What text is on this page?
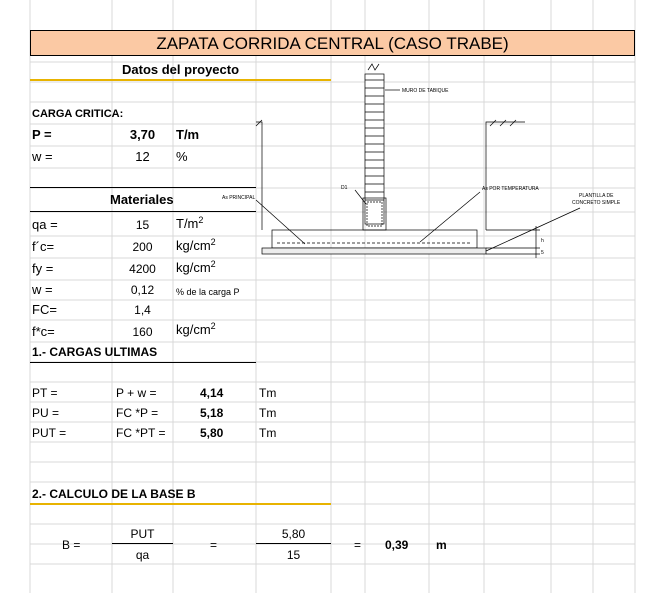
ZAPATA CORRIDA CENTRAL (CASO TRABE)
Datos del proyecto
CARGA CRITICA:
P =	3,70	T/m
w =	12	%
Materiales
qa =	15	$T/m^2$
f´c=	200	$kg/cm^2$
fy =	4200	$kg/cm^2$
w =	0,12	% de la carga P
FC=	1,4
f*c=	160	$kg/cm^2$
1.- CARGAS ULTIMAS
PT =	P + w =	4,14	Tm
PU =	FC *P =	5,18	Tm
PUT =	FC *PT =	5,80	Tm
2.- CALCULO DE LA BASE B
B =
PUT
qa
=
5,80
15
= 0,39 m
MURO DE TABIQUE
As PRINCIPAL
D1	As POR TEMPERATURA
PLANTILLA DE
CONCRETO SIMPLE
h
5
